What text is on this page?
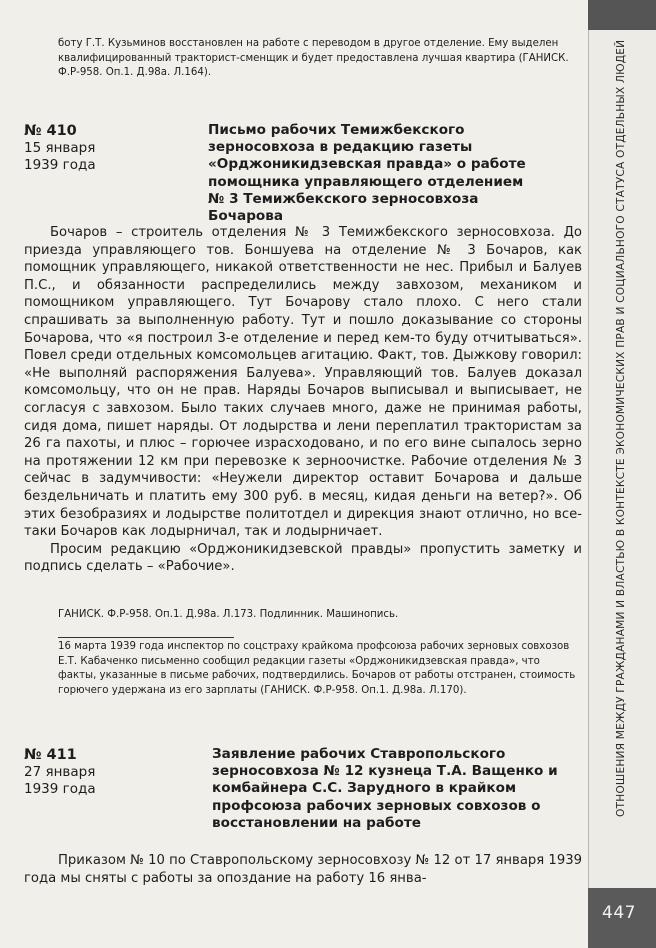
ОТНОШЕНИЯ МЕЖДУ ГРАЖДАНАМИ И ВЛАСТЬЮ В КОНТЕКСТЕ ЭКОНОМИЧЕСКИХ ПРАВ И СОЦИАЛЬНОГО СТАТУСА ОТДЕЛЬНЫХ ЛЮДЕЙ
447
боту Г.Т. Кузьминов восстановлен на работе с переводом в другое отделение. Ему выделен квалифицированный тракторист-сменщик и будет предоставлена лучшая квартира (ГАНИСК. Ф.Р-958. Оп.1. Д.98а. Л.164).
№ 410
15 января
1939 года
Письмо рабочих Темижбекского зерносовхоза в редакцию газеты «Орджоникидзевская правда» о работе помощника управляющего отделением № 3 Темижбекского зерносовхоза Бочарова

Бочаров – строитель отделения № 3 Темижбекского зерносовхоза. До приезда управляющего тов. Боншуева на отделение № 3 Бочаров, как помощник управляющего, никакой ответственности не нес. Прибыл и Балуев П.С., и обязанности распределились между завхозом, механиком и помощником управляющего. Тут Бочарову стало плохо. С него стали спрашивать за выполненную работу. Тут и пошло доказывание со стороны Бочарова, что «я построил 3-е отделение и перед кем-то буду отчитываться». Повел среди отдельных комсомольцев агитацию. Факт, тов. Дыжкову говорил: «Не выполняй распоряжения Балуева». Управляющий тов. Балуев доказал комсомольцу, что он не прав. Наряды Бочаров выписывал и выписывает, не согласуя с завхозом. Было таких случаев много, даже не принимая работы, сидя дома, пишет наряды. От лодырства и лени переплатил трактористам за 26 га пахоты, и плюс – горючее израсходовано, и по его вине сыпалось зерно на протяжении 12 км при перевозке к зерноочистке. Рабочие отделения № 3 сейчас в задумчивости: «Неужели директор оставит Бочарова и дальше бездельничать и платить ему 300 руб. в месяц, кидая деньги на ветер?». Об этих безобразиях и лодырстве политотдел и дирекция знают отлично, но все-таки Бочаров как лодырничал, так и лодырничает.

Просим редакцию «Орджоникидзевской правды» пропустить заметку и подпись сделать – «Рабочие».

ГАНИСК. Ф.Р-958. Оп.1. Д.98а. Л.173. Подлинник. Машинопись.
16 марта 1939 года инспектор по соцстраху крайкома профсоюза рабочих зерновых совхозов Е.Т. Кабаченко письменно сообщил редакции газеты «Орджоникидзевская правда», что факты, указанные в письме рабочих, подтвердились. Бочаров от работы отстранен, стоимость горючего удержана из его зарплаты (ГАНИСК. Ф.Р-958. Оп.1. Д.98а. Л.170).
№ 411
27 января
1939 года
Заявление рабочих Ставропольского зерносовхоза № 12 кузнеца Т.А. Ващенко и комбайнера С.С. Зарудного в крайком профсоюза рабочих зерновых совхозов о восстановлении на работе

Приказом № 10 по Ставропольскому зерносовхозу № 12 от 17 января 1939 года мы сняты с работы за опоздание на работу 16 янва-
